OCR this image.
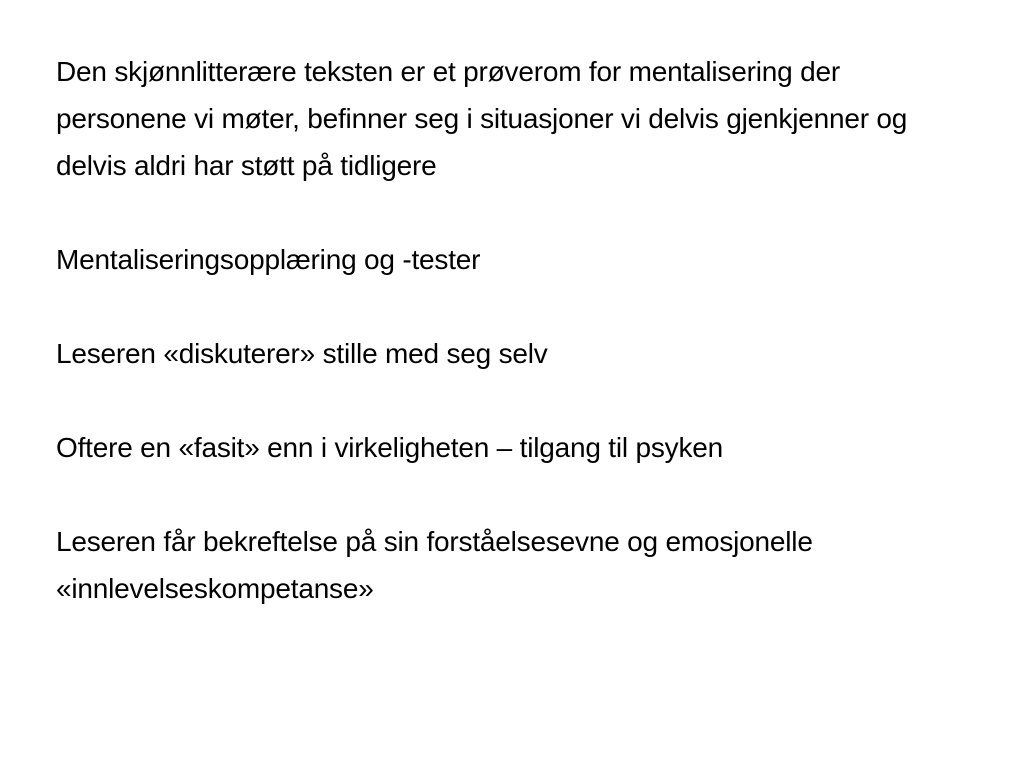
Den skjønnlitterære teksten er et prøverom for mentalisering der personene vi møter, befinner seg i situasjoner vi delvis gjenkjenner og delvis aldri har støtt på tidligere

Mentaliseringsopplæring og -tester

Leseren «diskuterer» stille med seg selv

Oftere en «fasit» enn i virkeligheten – tilgang til psyken

Leseren får bekreftelse på sin forståelsesevne og emosjonelle «innlevelseskompetanse»
